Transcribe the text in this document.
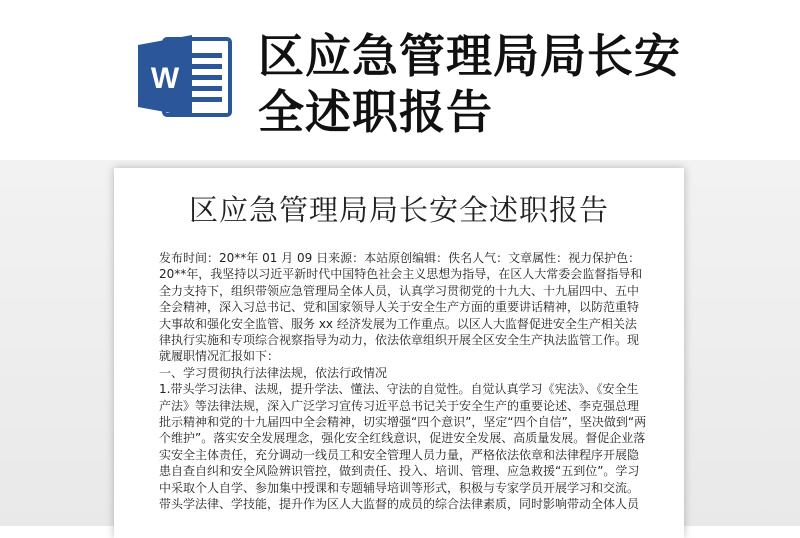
W 区应急管理局局长安
全述职报告
区应急管理局局长安全述职报告

发布时间：20**年 01 月 09 日来源：本站原创编辑：佚名人气：文章属性：视力保护色：

20**年，我坚持以习近平新时代中国特色社会主义思想为指导，在区人大常委会监督指导和

全力支持下，组织带领应急管理局全体人员，认真学习贯彻党的十九大、十九届四中、五中

全会精神，深入习总书记、党和国家领导人关于安全生产方面的重要讲话精神，以防范重特

大事故和强化安全监管、服务 xx 经济发展为工作重点。以区人大监督促进安全生产相关法

律执行实施和专项综合视察指导为动力，依法依章组织开展全区安全生产执法监管工作。现

就履职情况汇报如下：

一、学习贯彻执行法律法规，依法行政情况

1.带头学习法律、法规，提升学法、懂法、守法的自觉性。自觉认真学习《宪法》、《安全生

产法》等法律法规，深入广泛学习宣传习近平总书记关于安全生产的重要论述、李克强总理

批示精神和党的十九届四中全会精神，切实增强“四个意识”，坚定“四个自信”，坚决做到“两

个维护”。落实安全发展理念，强化安全红线意识，促进安全发展、高质量发展。督促企业落

实安全主体责任，充分调动一线员工和安全管理人员力量，严格依法依章和法律程序开展隐

患自查自纠和安全风险辨识管控，做到责任、投入、培训、管理、应急救援“五到位”。学习

中采取个人自学、参加集中授课和专题辅导培训等形式，积极与专家学员开展学习和交流。

带头学法律、学技能，提升作为区人大监督的成员的综合法律素质，同时影响带动全体人员
